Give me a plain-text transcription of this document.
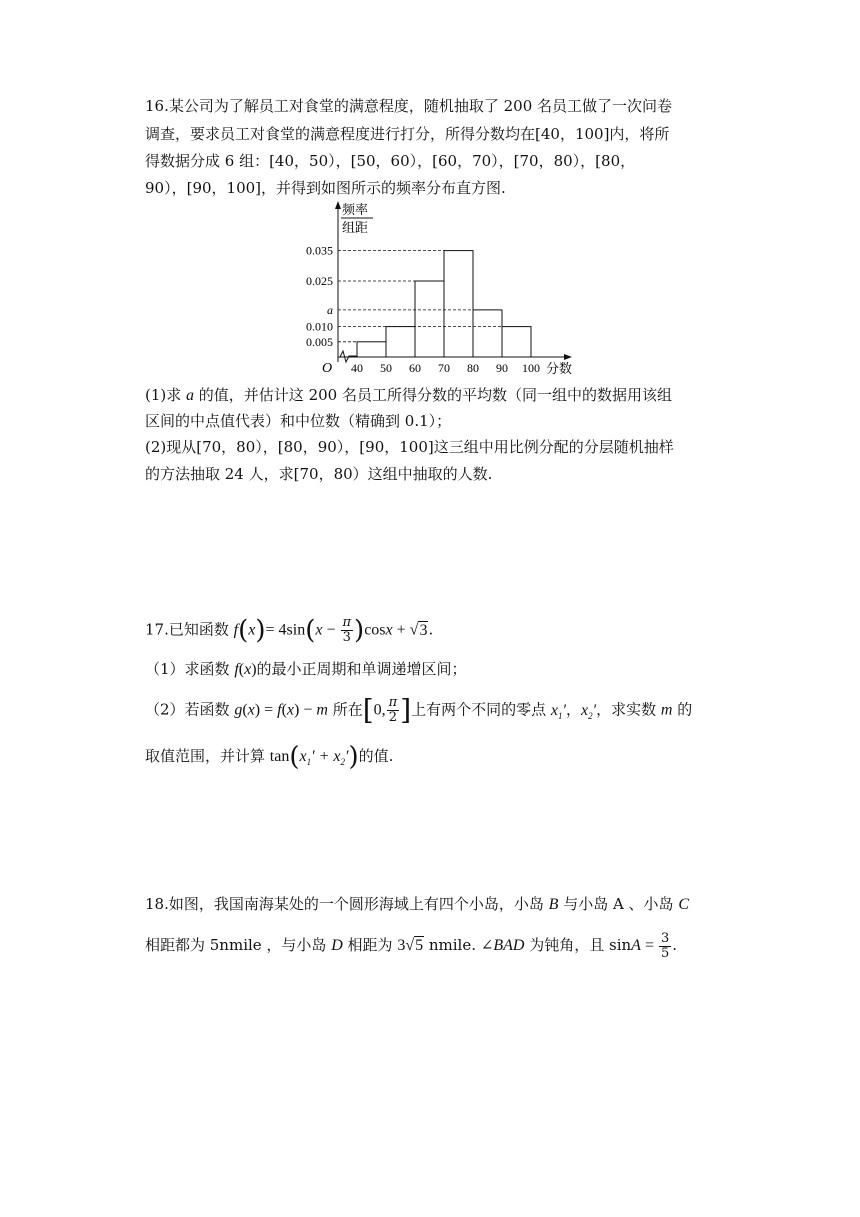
16.某公司为了解员工对食堂的满意程度，随机抽取了 200 名员工做了一次问卷
调查，要求员工对食堂的满意程度进行打分，所得分数均在[40，100]内，将所
得数据分成 6 组：[40，50），[50，60），[60，70），[70，80），[80，
90），[90，100]，并得到如图所示的频率分布直方图.
频率
组距
O	分数
0.035
0.025
a
0.010
0.005
40 50 60 70 80 90 100
(1)求 a 的值，并估计这 200 名员工所得分数的平均数（同一组中的数据用该组
区间的中点值代表）和中位数（精确到 0.1）；
(2)现从[70，80），[80，90），[90，100]这三组中用比例分配的分层随机抽样
的方法抽取 24 人，求[70，80）这组中抽取的人数.
17.已知函数 $f(x)= 4\sin(x - \frac{\pi}{3} )\cos x + √3$.
（1）求函数 f(x)的最小正周期和单调递增区间；
（2）若函数 g(x) = f(x) − m 所在[0, $\frac{\pi}{2}$ ]上有两个不同的零点 $x_1'$，$x_2'$，求实数 m 的
取值范围，并计算 $\tan(x_1' + x_2')$的值.
18.如图，我国南海某处的一个圆形海域上有四个小岛，小岛 B 与小岛 A 、小岛 C
相距都为 5nmile ，与小岛 D 相距为 3√5 nmile. ∠BAD 为钝角，且 $\sin A = \frac{3}{5}$ .
